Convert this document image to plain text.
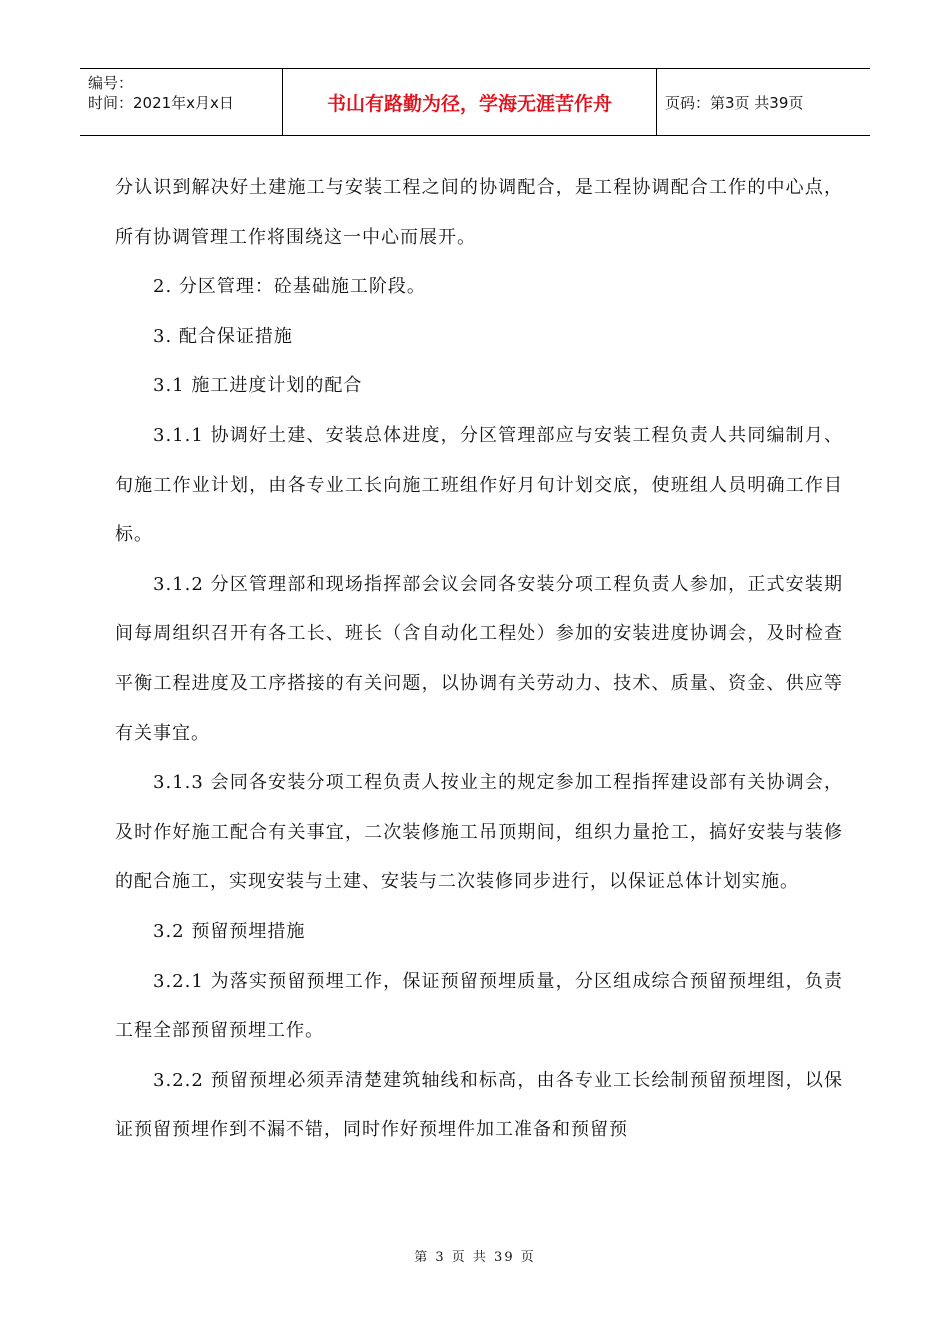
编号：
时间：2021年x月x日	书山有路勤为径，学海无涯苦作舟	页码：第3页 共39页

分认识到解决好土建施工与安装工程之间的协调配合，是工程协调配合工作的中心点，所有协调管理工作将围绕这一中心而展开。

2. 分区管理：砼基础施工阶段。

3. 配合保证措施

3.1 施工进度计划的配合

3.1.1 协调好土建、安装总体进度，分区管理部应与安装工程负责人共同编制月、旬施工作业计划，由各专业工长向施工班组作好月旬计划交底，使班组人员明确工作目标。

3.1.2 分区管理部和现场指挥部会议会同各安装分项工程负责人参加，正式安装期间每周组织召开有各工长、班长（含自动化工程处）参加的安装进度协调会，及时检查平衡工程进度及工序搭接的有关问题，以协调有关劳动力、技术、质量、资金、供应等有关事宜。

3.1.3 会同各安装分项工程负责人按业主的规定参加工程指挥建设部有关协调会，及时作好施工配合有关事宜，二次装修施工吊顶期间，组织力量抢工，搞好安装与装修的配合施工，实现安装与土建、安装与二次装修同步进行，以保证总体计划实施。

3.2 预留预埋措施

3.2.1 为落实预留预埋工作，保证预留预埋质量，分区组成综合预留预埋组，负责工程全部预留预埋工作。

3.2.2 预留预埋必须弄清楚建筑轴线和标高，由各专业工长绘制预留预埋图，以保证预留预埋作到不漏不错，同时作好预埋件加工准备和预留预

第 3 页 共 39 页
